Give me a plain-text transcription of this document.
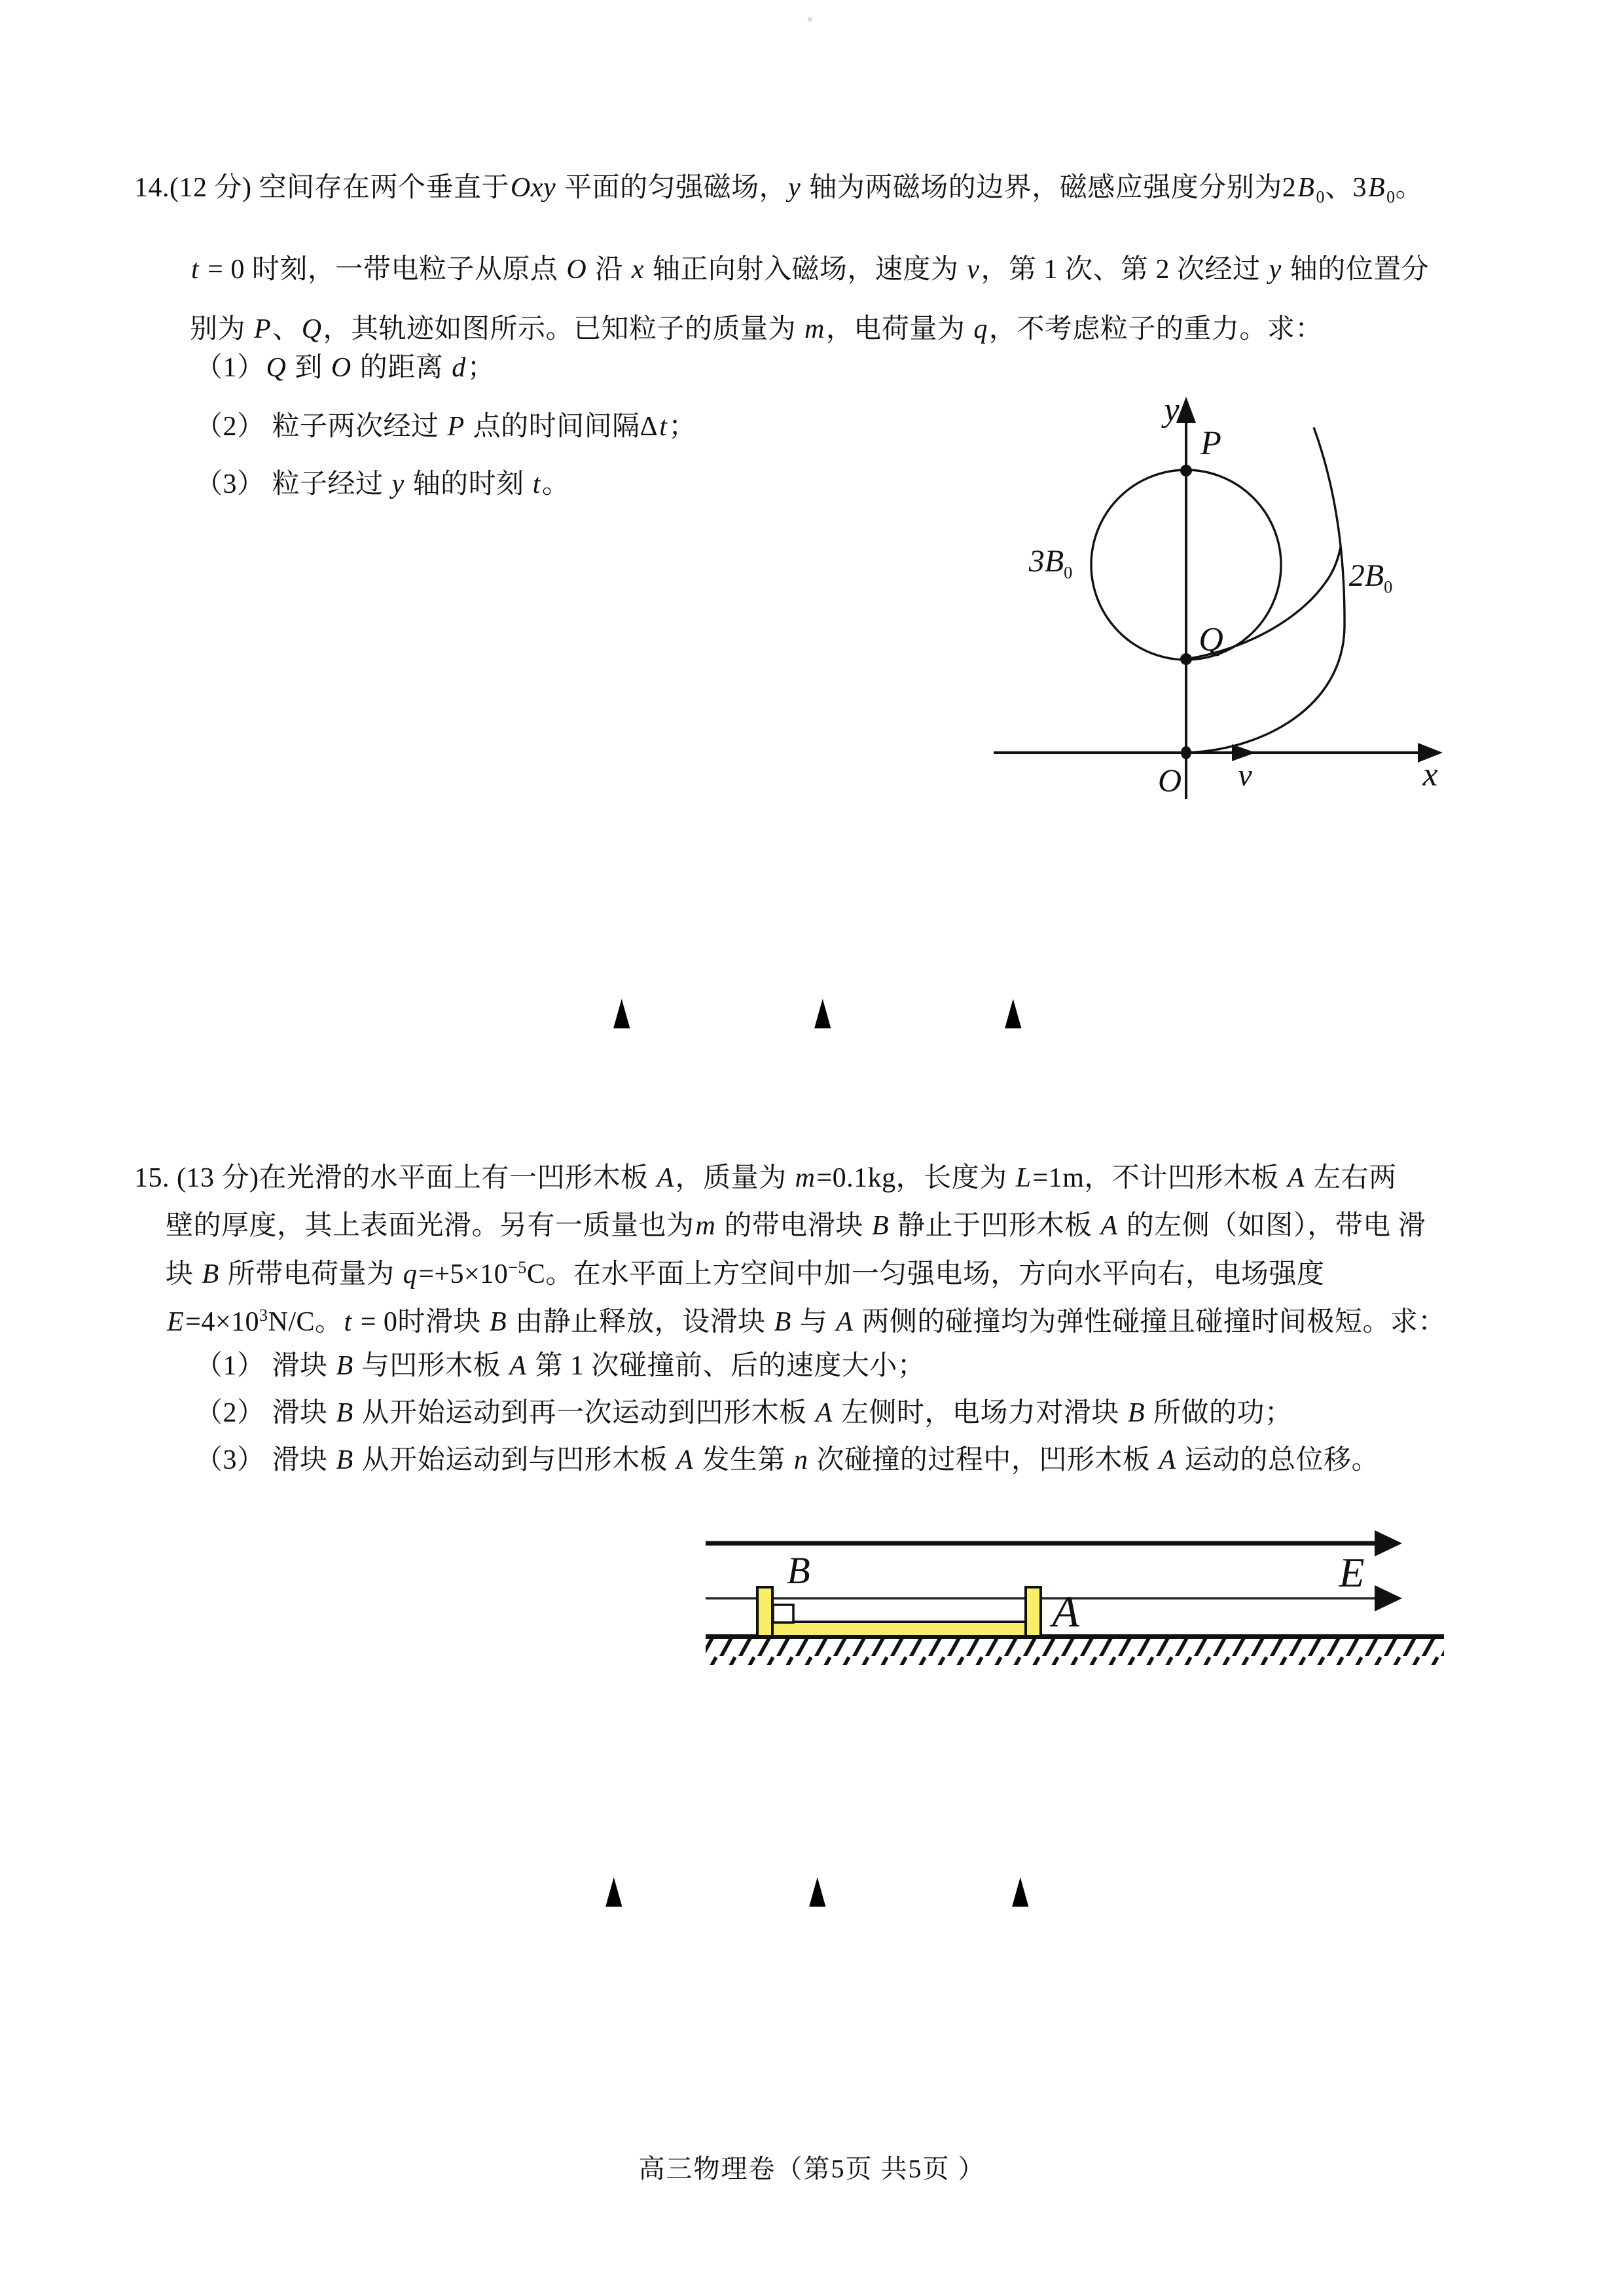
14.(12 分) 空间存在两个垂直于Oxy 平面的匀强磁场，y 轴为两磁场的边界，磁感应强度分别为$2B_0$、$3B_0$。
t = 0 时刻，一带电粒子从原点 O 沿 x 轴正向射入磁场，速度为 v，第 1 次、第 2 次经过 y 轴的位置分
别为 P、Q，其轨迹如图所示。已知粒子的质量为 m，电荷量为 q，不考虑粒子的重力。求：
（1）Q 到 O 的距离 d；
（2） 粒子两次经过 P 点的时间间隔Δt；
（3） 粒子经过 y 轴的时刻 t。
y
x
O
P
Q
v
$3B_0$	$2B_0$
▲	▲	▲
15. (13 分)在光滑的水平面上有一凹形木板 A，质量为 m=0.1kg，长度为 L=1m，不计凹形木板 A 左右两
壁的厚度，其上表面光滑。另有一质量也为m 的带电滑块 B 静止于凹形木板 A 的左侧（如图），带电 滑
块 B 所带电荷量为 $q=+5\times 10^{-5}C$。在水平面上方空间中加一匀强电场，方向水平向右，电场强度
$E=4\times 10^3N/C$。t = 0时滑块 B 由静止释放，设滑块 B 与 A 两侧的碰撞均为弹性碰撞且碰撞时间极短。求：
（1） 滑块 B 与凹形木板 A 第 1 次碰撞前、后的速度大小；
（2） 滑块 B 从开始运动到再一次运动到凹形木板 A 左侧时，电场力对滑块 B 所做的功；
（3） 滑块 B 从开始运动到与凹形木板 A 发生第 n 次碰撞的过程中，凹形木板 A 运动的总位移。
E
B
A
▲	▲	▲
高三物理卷（第5页 共5页 ）
